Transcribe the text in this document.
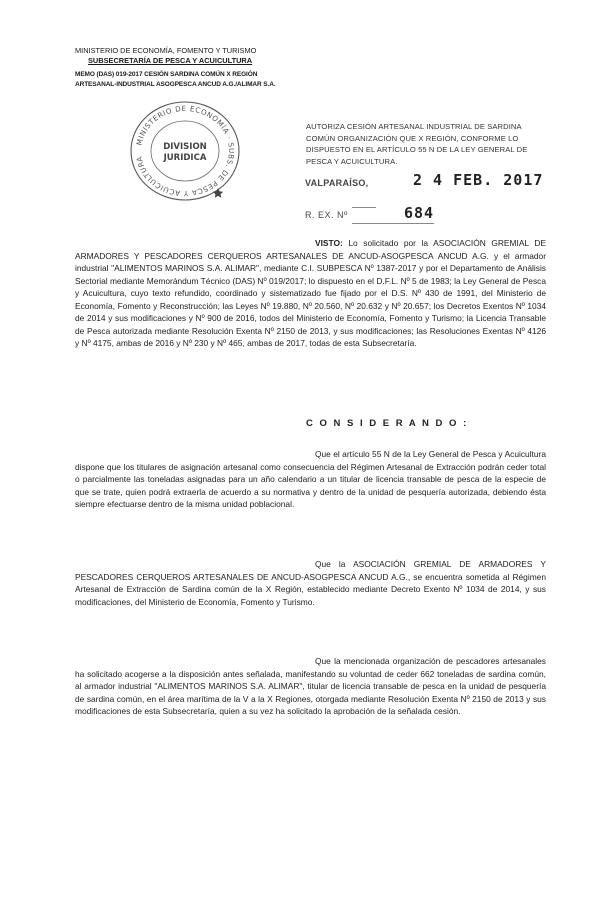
MINISTERIO DE ECONOMÍA, FOMENTO Y TURISMO
SUBSECRETARÍA DE PESCA Y ACUICULTURA
MEMO (DAS) 019-2017 CESIÓN SARDINA COMÚN X REGIÓN
ARTESANAL-INDUSTRIAL ASOGPESCA ANCUD A.G./ALIMAR S.A.
MINISTERIO DE ECONOMÍA · SUBS. DE PESCA Y ACUICULTURA
DIVISION
JURIDICA
AUTORIZA CESIÓN ARTESANAL INDUSTRIAL DE SARDINA COMÚN ORGANIZACIÓN QUE X REGIÓN, CONFORME LO DISPUESTO EN EL ARTÍCULO 55 N DE LA LEY GENERAL DE PESCA Y ACUICULTURA.
VALPARAÍSO,	2 4 FEB. 2017
R. EX. Nº	684
VISTO: Lo solicitado por la ASOCIACIÓN GREMIAL DE ARMADORES Y PESCADORES CERQUEROS ARTESANALES DE ANCUD-ASOGPESCA ANCUD A.G. y el armador industrial "ALIMENTOS MARINOS S.A. ALIMAR", mediante C.I. SUBPESCA Nº 1387-2017 y por el Departamento de Análisis Sectorial mediante Memorándum Técnico (DAS) Nº 019/2017; lo dispuesto en el D.F.L. Nº 5 de 1983; la Ley General de Pesca y Acuicultura, cuyo texto refundido, coordinado y sistematizado fue fijado por el D.S. Nº 430 de 1991, del Ministerio de Economía, Fomento y Reconstrucción; las Leyes Nº 19.880, Nº 20.560, Nº 20.632 y Nº 20.657; los Decretos Exentos Nº 1034 de 2014 y sus modificaciones y Nº 900 de 2016, todos del Ministerio de Economía, Fomento y Turismo; la Licencia Transable de Pesca autorizada mediante Resolución Exenta Nº 2150 de 2013, y sus modificaciones; las Resoluciones Exentas Nº 4126 y Nº 4175, ambas de 2016 y Nº 230 y Nº 465, ambas de 2017, todas de esta Subsecretaría.
C O N S I D E R A N D O :
Que el artículo 55 N de la Ley General de Pesca y Acuicultura dispone que los titulares de asignación artesanal como consecuencia del Régimen Artesanal de Extracción podrán ceder total o parcialmente las toneladas asignadas para un año calendario a un titular de licencia transable de pesca de la especie de que se trate, quien podrá extraerla de acuerdo a su normativa y dentro de la unidad de pesquería autorizada, debiendo ésta siempre efectuarse dentro de la misma unidad poblacional.
Que la ASOCIACIÓN GREMIAL DE ARMADORES Y PESCADORES CERQUEROS ARTESANALES DE ANCUD-ASOGPESCA ANCUD A.G., se encuentra sometida al Régimen Artesanal de Extracción de Sardina común de la X Región, establecido mediante Decreto Exento Nº 1034 de 2014, y sus modificaciones, del Ministerio de Economía, Fomento y Turismo.
Que la mencionada organización de pescadores artesanales ha solicitado acogerse a la disposición antes señalada, manifestando su voluntad de ceder 662 toneladas de sardina común, al armador industrial "ALIMENTOS MARINOS S.A. ALIMAR", titular de licencia transable de pesca en la unidad de pesquería de sardina común, en el área marítima de la V a la X Regiones, otorgada mediante Resolución Exenta Nº 2150 de 2013 y sus modificaciones de esta Subsecretaría, quien a su vez ha solicitado la aprobación de la señalada cesión.
